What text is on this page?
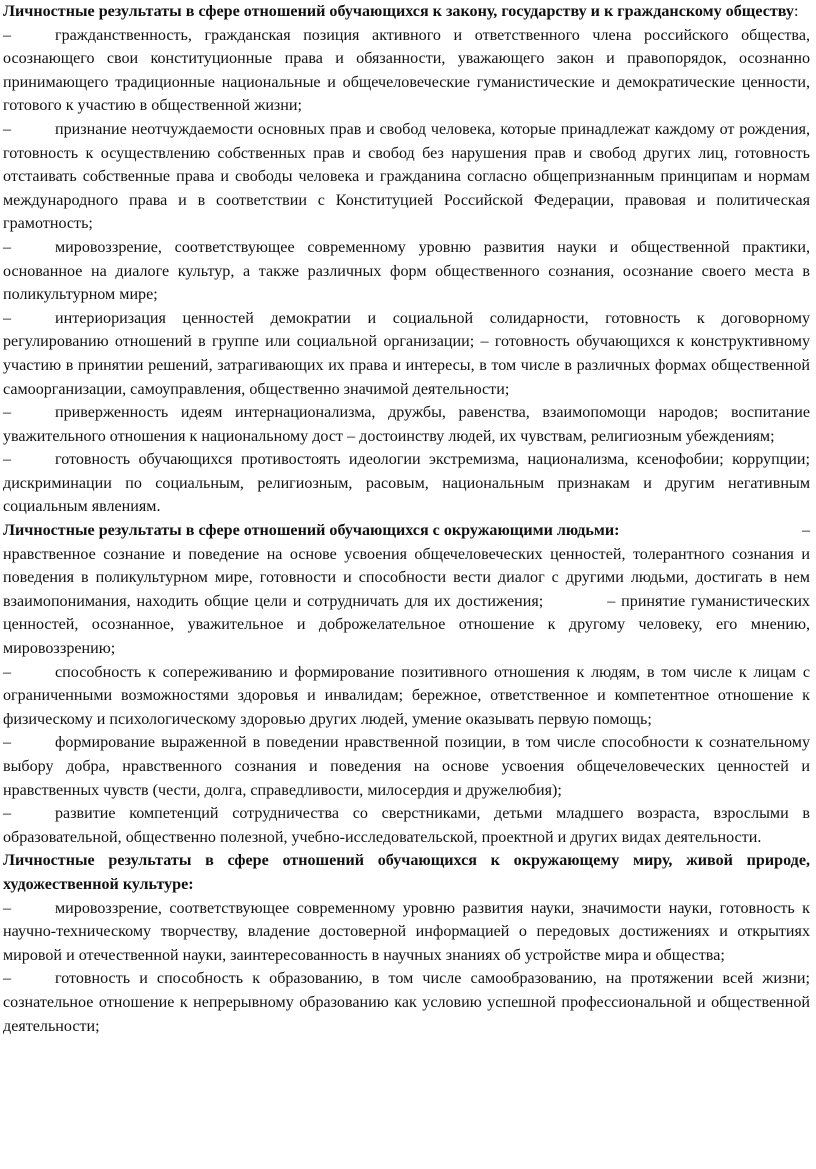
Личностные результаты в сфере отношений обучающихся к закону, государству и к гражданскому обществу:

–	гражданственность, гражданская позиция активного и ответственного члена российского общества, осознающего свои конституционные права и обязанности, уважающего закон и правопорядок, осознанно принимающего традиционные национальные и общечеловеческие гуманистические и демократические ценности, готового к участию в общественной жизни;

–	признание неотчуждаемости основных прав и свобод человека, которые принадлежат каждому от рождения, готовность к осуществлению собственных прав и свобод без нарушения прав и свобод других лиц, готовность отстаивать собственные права и свободы человека и гражданина согласно общепризнанным принципам и нормам международного права и в соответствии с Конституцией Российской Федерации, правовая и политическая грамотность;

–	мировоззрение, соответствующее современному уровню развития науки и общественной практики, основанное на диалоге культур, а также различных форм общественного сознания, осознание своего места в поликультурном мире;

–	интериоризация ценностей демократии и социальной солидарности, готовность к договорному регулированию отношений в группе или социальной организации; – готовность обучающихся к конструктивному участию в принятии решений, затрагивающих их права и интересы, в том числе в различных формах общественной самоорганизации, самоуправления, общественно значимой деятельности;

–	приверженность идеям интернационализма, дружбы, равенства, взаимопомощи народов; воспитание уважительного отношения к национальному дост – достоинству людей, их чувствам, религиозным убеждениям;

–	готовность обучающихся противостоять идеологии экстремизма, национализма, ксенофобии; коррупции; дискриминации по социальным, религиозным, расовым, национальным признакам и другим негативным социальным явлениям.

–
Личностные результаты в сфере отношений обучающихся с окружающими людьми:

нравственное сознание и поведение на основе усвоения общечеловеческих ценностей, толерантного сознания и поведения в поликультурном мире, готовности и способности вести диалог с другими людьми, достигать в нем взаимопонимания, находить общие цели и сотрудничать для их достижения;	– принятие гуманистических ценностей, осознанное, уважительное и доброжелательное отношение к другому человеку, его мнению, мировоззрению;

–	способность к сопереживанию и формирование позитивного отношения к людям, в том числе к лицам с ограниченными возможностями здоровья и инвалидам; бережное, ответственное и компетентное отношение к физическому и психологическому здоровью других людей, умение оказывать первую помощь;

–	формирование выраженной в поведении нравственной позиции, в том числе способности к сознательному выбору добра, нравственного сознания и поведения на основе усвоения общечеловеческих ценностей и нравственных чувств (чести, долга, справедливости, милосердия и дружелюбия);

–	развитие компетенций сотрудничества со сверстниками, детьми младшего возраста, взрослыми в образовательной, общественно полезной, учебно-исследовательской, проектной и других видах деятельности.

Личностные результаты в сфере отношений обучающихся к окружающему миру, живой природе, художественной культуре:

–	мировоззрение, соответствующее современному уровню развития науки, значимости науки, готовность к научно-техническому творчеству, владение достоверной информацией о передовых достижениях и открытиях мировой и отечественной науки, заинтересованность в научных знаниях об устройстве мира и общества;

–	готовность и способность к образованию, в том числе самообразованию, на протяжении всей жизни; сознательное отношение к непрерывному образованию как условию успешной профессиональной и общественной деятельности;
